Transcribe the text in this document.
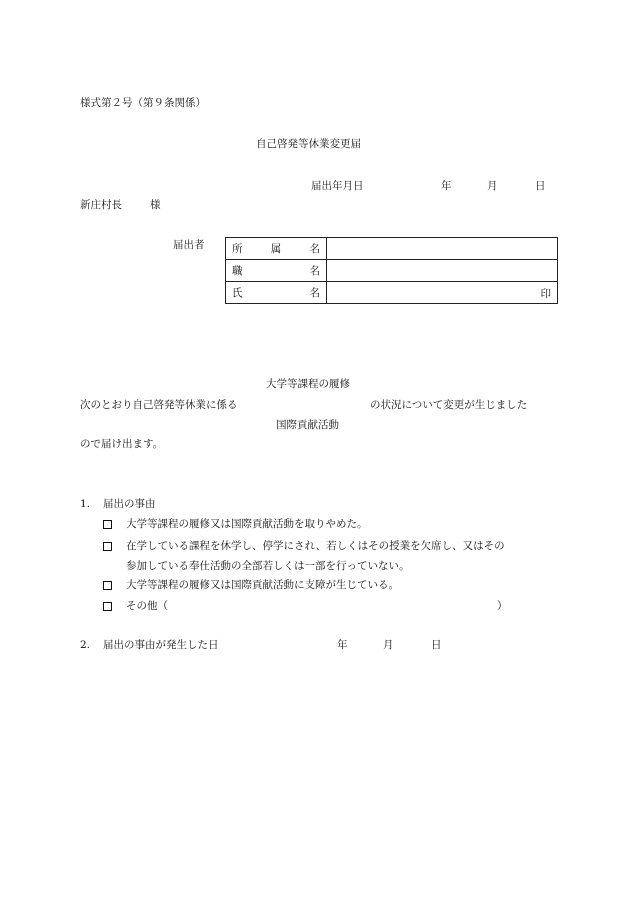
様式第２号（第９条関係）
自己啓発等休業変更届
届出年月日	年	月	日
新庄村長	様
届出者	所 属 名	

職 名	

氏 名	印
大学等課程の履修
次のとおり自己啓発等休業に係る	の状況について変更が生じました
国際貢献活動
ので届け出ます。
1. 届出の事由
大学等課程の履修又は国際貢献活動を取りやめた。
在学している課程を休学し、停学にされ、若しくはその授業を欠席し、又はその
参加している奉仕活動の全部若しくは一部を行っていない。
大学等課程の履修又は国際貢献活動に支障が生じている。
その他（	）
2. 届出の事由が発生した日	年	月	日
